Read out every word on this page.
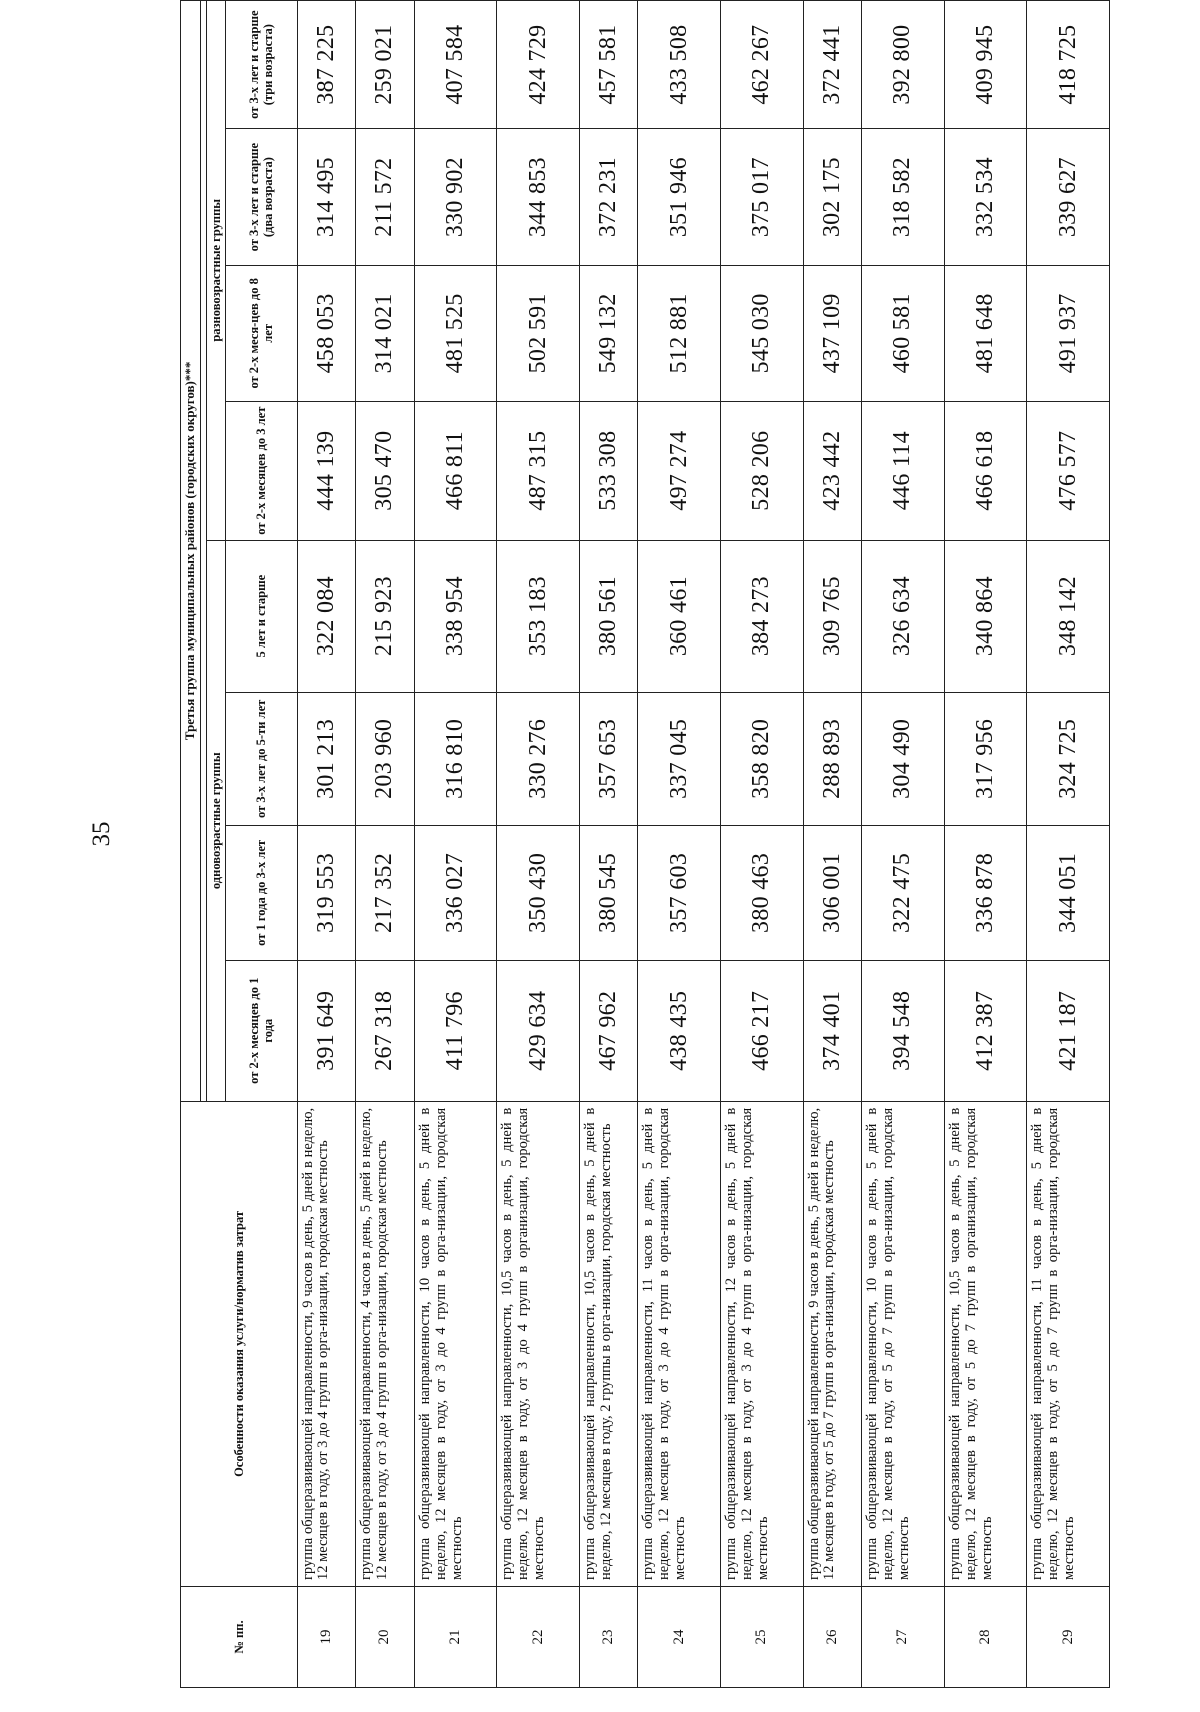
35
№ пп.	Особенности оказания услуги/норматив затрат	Третья группа муниципальных районов (городских округов)***							

		одновозрастные группы				разновозрастные группы			
		от 2-х месяцев до 1 года	от 1 года до 3-х лет	от 3-х лет до 5-ти лет	5 лет и старше	от 2-х месяцев до 3 лет	от 2-х меся-цев до 8 лет	от 3-х лет и старше (два возраста)	от 3-х лет и старше (три возраста)
19	группа общеразвивающей направленности, 9 часов в день, 5 дней в неделю, 12 месяцев в году, от 3 до 4 групп в орга-низации, городская местность	391 649	319 553	301 213	322 084	444 139	458 053	314 495	387 225
20	группа общеразвивающей направленности, 4 часов в день, 5 дней в неделю, 12 месяцев в году, от 3 до 4 групп в орга-низации, городская местность	267 318	217 352	203 960	215 923	305 470	314 021	211 572	259 021
21	группа общеразвивающей направленности, 10 часов в день, 5 дней в неделю, 12 месяцев в году, от 3 до 4 групп в орга-низации, городская местность	411 796	336 027	316 810	338 954	466 811	481 525	330 902	407 584
22	группа общеразвивающей направленности, 10,5 часов в день, 5 дней в неделю, 12 месяцев в году, от 3 до 4 групп в организации, городская местность	429 634	350 430	330 276	353 183	487 315	502 591	344 853	424 729
23	группа общеразвивающей направленности, 10,5 часов в день, 5 дней в неделю, 12 месяцев в году, 2 группы в орга-низации, городская местность	467 962	380 545	357 653	380 561	533 308	549 132	372 231	457 581
24	группа общеразвивающей направленности, 11 часов в день, 5 дней в неделю, 12 месяцев в году, от 3 до 4 групп в орга-низации, городская местность	438 435	357 603	337 045	360 461	497 274	512 881	351 946	433 508
25	группа общеразвивающей направленности, 12 часов в день, 5 дней в неделю, 12 месяцев в году, от 3 до 4 групп в орга-низации, городская местность	466 217	380 463	358 820	384 273	528 206	545 030	375 017	462 267
26	группа общеразвивающей направленности, 9 часов в день, 5 дней в неделю, 12 месяцев в году, от 5 до 7 групп в орга-низации, городская местность	374 401	306 001	288 893	309 765	423 442	437 109	302 175	372 441
27	группа общеразвивающей направленности, 10 часов в день, 5 дней в неделю, 12 месяцев в году, от 5 до 7 групп в орга-низации, городская местность	394 548	322 475	304 490	326 634	446 114	460 581	318 582	392 800
28	группа общеразвивающей направленности, 10,5 часов в день, 5 дней в неделю, 12 месяцев в году, от 5 до 7 групп в организации, городская местность	412 387	336 878	317 956	340 864	466 618	481 648	332 534	409 945
29	группа общеразвивающей направленности, 11 часов в день, 5 дней в неделю, 12 месяцев в году, от 5 до 7 групп в орга-низации, городская местность	421 187	344 051	324 725	348 142	476 577	491 937	339 627	418 725
